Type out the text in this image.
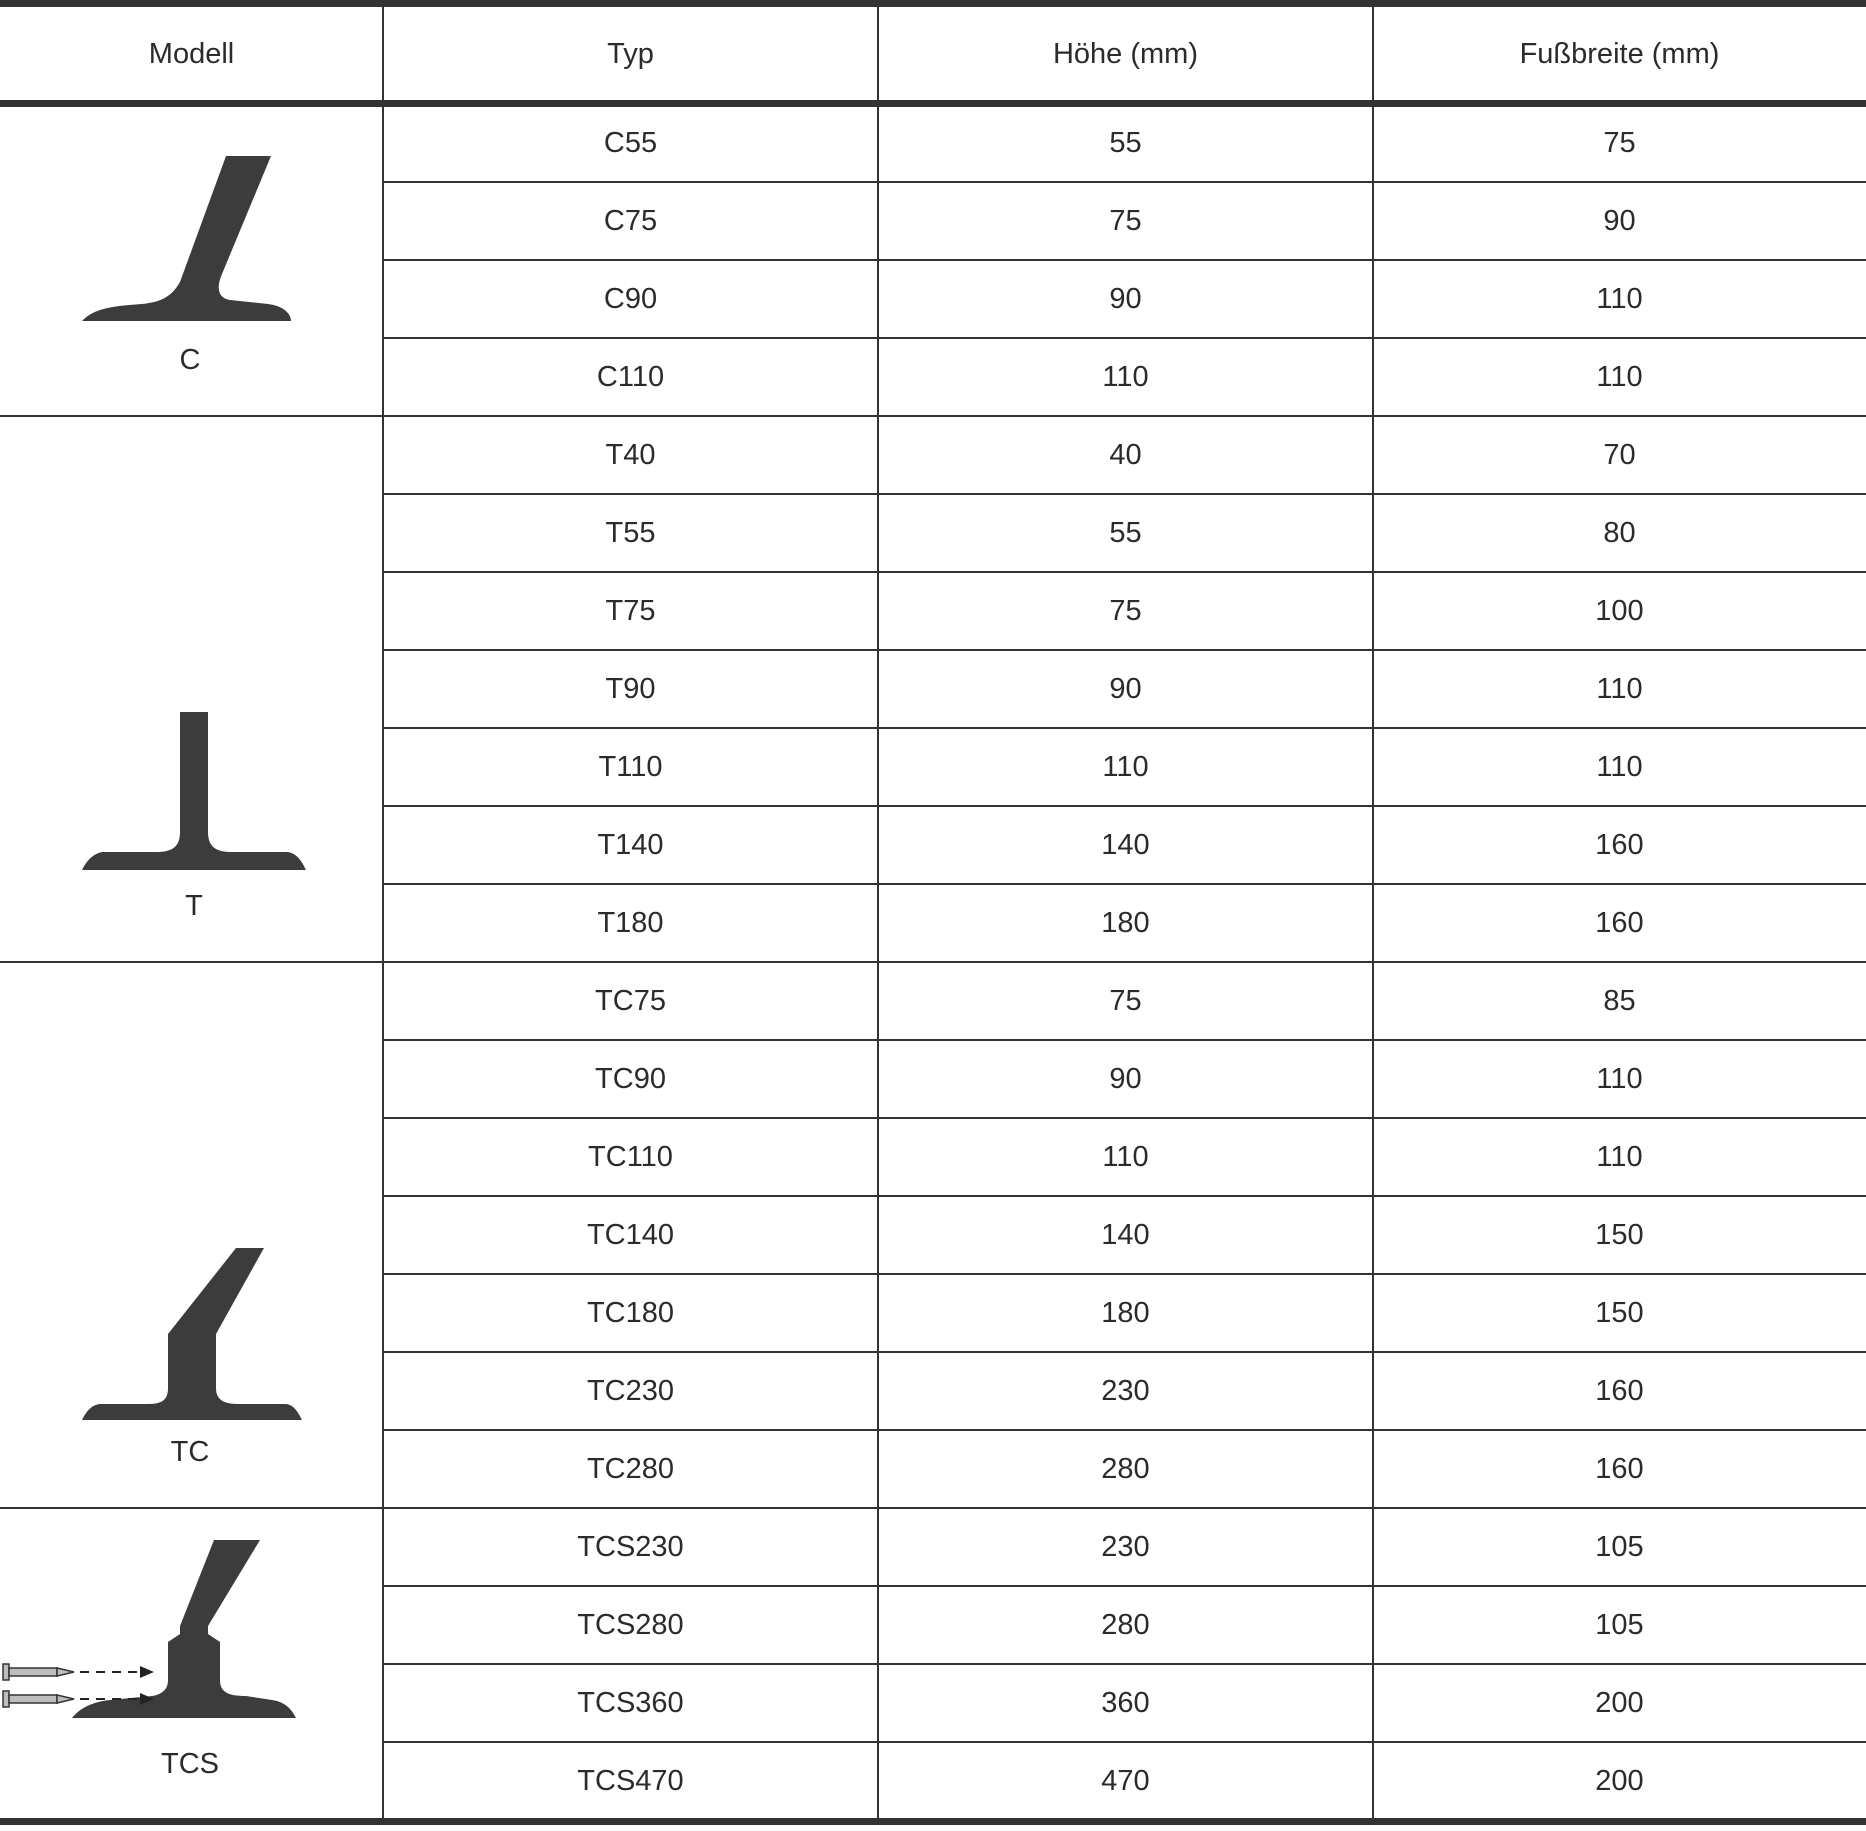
Modell	Typ	Höhe (mm)	Fußbreite (mm)
C
C55	55	75
C75	75	90
C90	90	110
C110	110	110
T
T40	40	70
T55	55	80
T75	75	100
T90	90	110
T110	110	110
T140	140	160
T180	180	160
TC
TC75	75	85
TC90	90	110
TC110	110	110
TC140	140	150
TC180	180	150
TC230	230	160
TC280	280	160
TCS
TCS230	230	105
TCS280	280	105
TCS360	360	200
TCS470	470	200
